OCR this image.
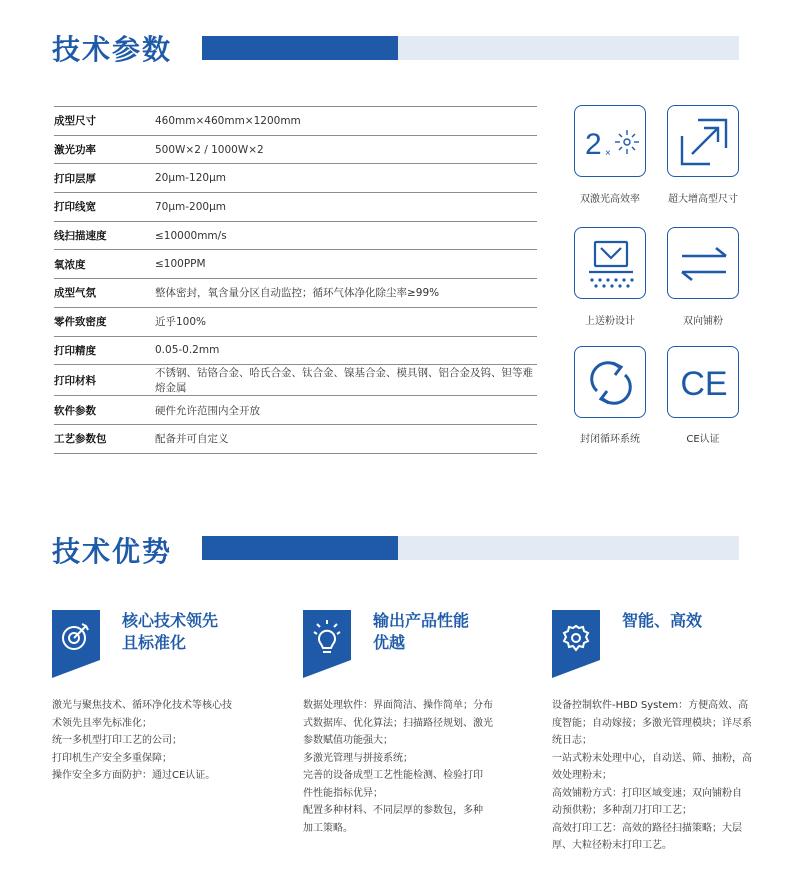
技术参数
成型尺寸	460mm×460mm×1200mm
激光功率	500W×2 / 1000W×2
打印层厚	20μm-120μm
打印线宽	70μm-200μm
线扫描速度	≤10000mm/s
氧浓度	≤100PPM
成型气氛	整体密封，氧含量分区自动监控；循环气体净化除尘率≥99%
零件致密度	近乎100%
打印精度	0.05-0.2mm
打印材料	不锈钢、钴铬合金、哈氏合金、钛合金、镍基合金、模具钢、铝合金及钨、钽等难熔金属
软件参数	硬件允许范围内全开放
工艺参数包	配备并可自定义
2 ×
双激光高效率	超大增高型尺寸
上送粉设计	双向铺粉
封闭循环系统
CE
CE认证
技术优势
核心技术领先
且标准化
激光与聚焦技术、循环净化技术等核心技
术领先且率先标准化；
统一多机型打印工艺的公司；
打印机生产安全多重保障；
操作安全多方面防护：通过CE认证。
输出产品性能
优越
数据处理软件：界面简洁、操作简单；分布
式数据库、优化算法；扫描路径规划、激光
参数赋值功能强大；
多激光管理与拼接系统；
完善的设备成型工艺性能检测、检验打印
件性能指标优异；
配置多种材料、不同层厚的参数包，多种
加工策略。
智能、高效
设备控制软件-HBD System：方便高效、高
度智能；自动嫁接；多激光管理模块；详尽系
统日志；
一站式粉末处理中心，自动送、筛、抽粉，高
效处理粉末；
高效铺粉方式：打印区域变速；双向铺粉自
动预供粉；多种刮刀打印工艺；
高效打印工艺：高效的路径扫描策略；大层
厚、大粒径粉末打印工艺。
